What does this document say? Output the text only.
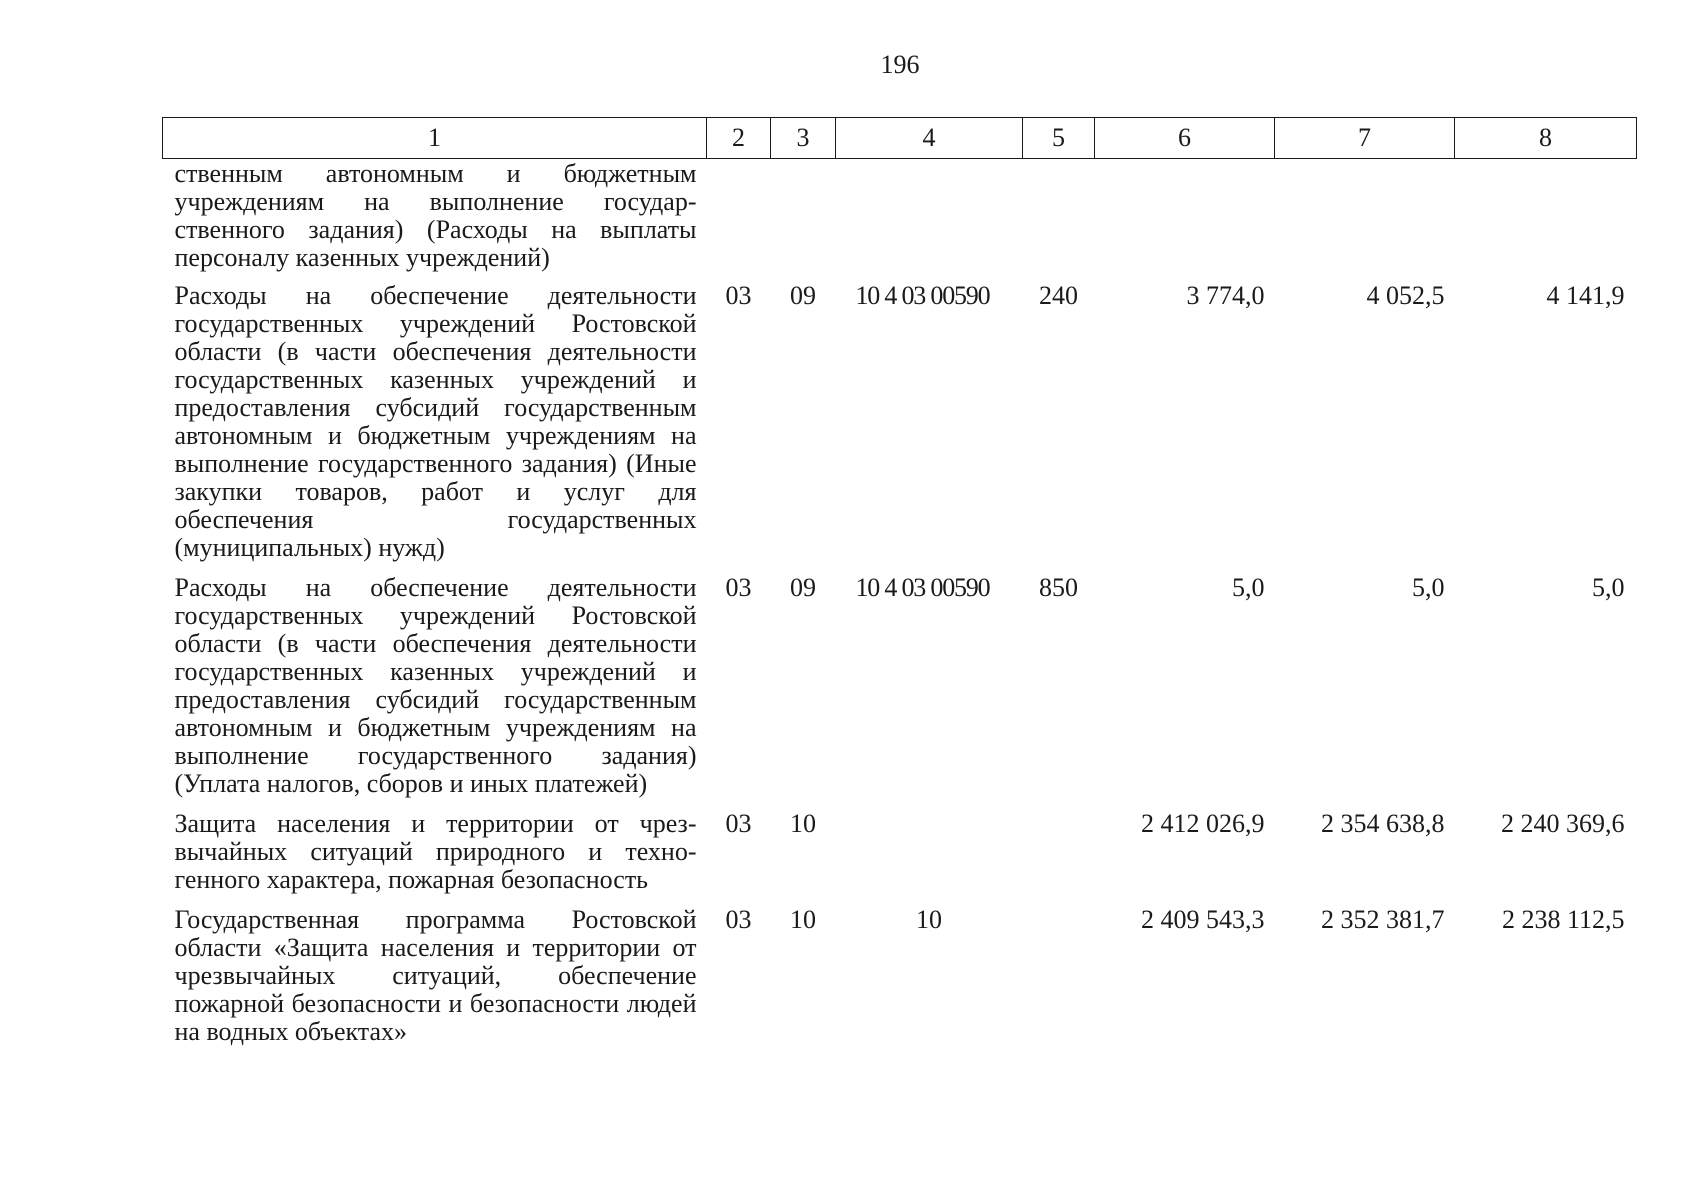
196
1	2	3	4	5	6	7	8
ственным автономным и бюджетным учреждениям на выполнение государственного задания) (Расходы на выплаты персоналу казенных учреждений)							
Расходы на обеспечение деятельности государственных учреждений Ростовской области (в части обеспечения деятельности государственных казенных учреждений и предоставления субсидий государственным автономным и бюджетным учреждениям на выполнение государственного задания) (Иные закупки товаров, работ и услуг для обеспечения государственных (муниципальных) нужд)	03	09	10 4 03 00590	240	3 774,0	4 052,5	4 141,9
Расходы на обеспечение деятельности государственных учреждений Ростовской области (в части обеспечения деятельности государственных казенных учреждений и предоставления субсидий государственным автономным и бюджетным учреждениям на выполнение государственного задания) (Уплата налогов, сборов и иных платежей)	03	09	10 4 03 00590	850	5,0	5,0	5,0
Защита населения и территории от чрезвычайных ситуаций природного и техногенного характера, пожарная безопасность	03	10			2 412 026,9	2 354 638,8	2 240 369,6
Государственная программа Ростовской области «Защита населения и территории от чрезвычайных ситуаций, обеспечение пожарной безопасности и безопасности людей на водных объектах»	03	10	10		2 409 543,3	2 352 381,7	2 238 112,5
